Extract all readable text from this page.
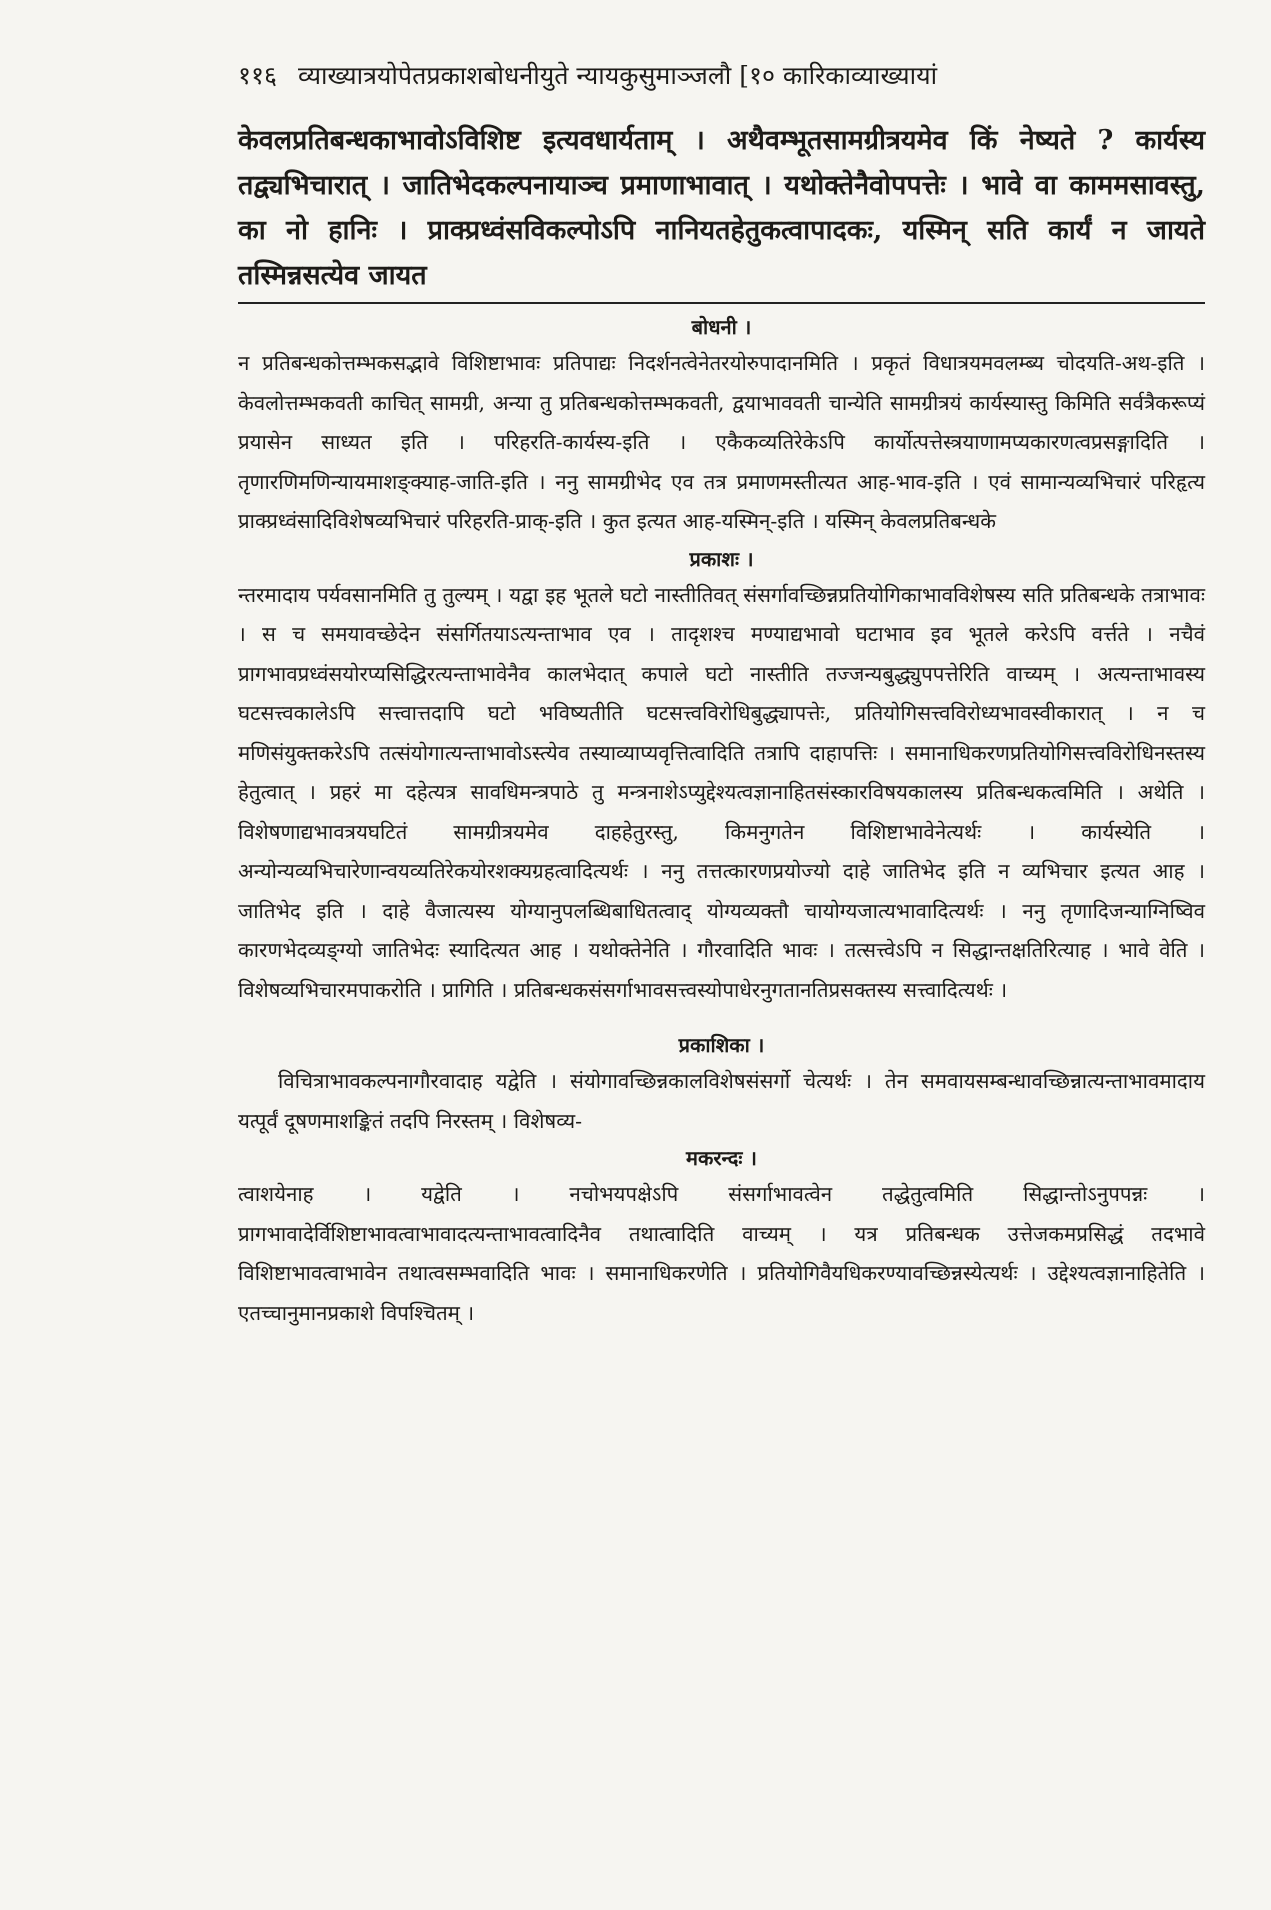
११६ व्याख्यात्रयोपेतप्रकाशबोधनीयुते न्यायकुसुमाञ्जलौ [१० कारिकाव्याख्यायां
केवलप्रतिबन्धकाभावोऽविशिष्ट इत्यवधार्यताम् । अथैवम्भूतसामग्रीत्रयमेव किं नेष्यते ? कार्यस्य तद्व्यभिचारात् । जातिभेदकल्पनायाञ्च प्रमाणाभावात् । यथोक्तेनैवोपपत्तेः । भावे वा काममसावस्तु, का नो हानिः । प्राक्प्रध्वंसविकल्पोऽपि नानियतहेतुकत्वापादकः, यस्मिन् सति कार्यं न जायते तस्मिन्नसत्येव जायत
बोधनी ।

न प्रतिबन्धकोत्तम्भकसद्भावे विशिष्टाभावः प्रतिपाद्यः निदर्शनत्वेनेतरयोरुपादानमिति । प्रकृतं विधात्रयमवलम्ब्य चोदयति-अथ-इति । केवलोत्तम्भकवती काचित् सामग्री, अन्या तु प्रतिबन्धकोत्तम्भकवती, द्वयाभाववती चान्येति सामग्रीत्रयं कार्यस्यास्तु किमिति सर्वत्रैकरूप्यं प्रयासेन साध्यत इति । परिहरति-कार्यस्य-इति । एकैकव्यतिरेकेऽपि कार्योत्पत्तेस्त्रयाणामप्यकारणत्वप्रसङ्गादिति । तृणारणिमणिन्यायमाशङ्क्याह-जाति-इति । ननु सामग्रीभेद एव तत्र प्रमाणमस्तीत्यत आह-भाव-इति । एवं सामान्यव्यभिचारं परिहृत्य प्राक्प्रध्वंसादिविशेषव्यभिचारं परिहरति-प्राक्-इति । कुत इत्यत आह-यस्मिन्-इति । यस्मिन् केवलप्रतिबन्धके

प्रकाशः ।

न्तरमादाय पर्यवसानमिति तु तुल्यम् । यद्वा इह भूतले घटो नास्तीतिवत् संसर्गावच्छिन्नप्रतियोगिकाभावविशेषस्य सति प्रतिबन्धके तत्राभावः । स च समयावच्छेदेन संसर्गितयाऽत्यन्ताभाव एव । तादृशश्च मण्याद्यभावो घटाभाव इव भूतले करेऽपि वर्त्तते । नचैवं प्रागभावप्रध्वंसयोरप्यसिद्धिरत्यन्ताभावेनैव कालभेदात् कपाले घटो नास्तीति तज्जन्यबुद्ध्युपपत्तेरिति वाच्यम् । अत्यन्ताभावस्य घटसत्त्वकालेऽपि सत्त्वात्तदापि घटो भविष्यतीति घटसत्त्वविरोधिबुद्ध्यापत्तेः, प्रतियोगिसत्त्वविरोध्यभावस्वीकारात् । न च मणिसंयुक्तकरेऽपि तत्संयोगात्यन्ताभावोऽस्त्येव तस्याव्याप्यवृत्तित्वादिति तत्रापि दाहापत्तिः । समानाधिकरणप्रतियोगिसत्त्वविरोधिनस्तस्य हेतुत्वात् । प्रहरं मा दहेत्यत्र सावधिमन्त्रपाठे तु मन्त्रनाशेऽप्युद्देश्यत्वज्ञानाहितसंस्कारविषयकालस्य प्रतिबन्धकत्वमिति । अथेति । विशेषणाद्यभावत्रयघटितं सामग्रीत्रयमेव दाहहेतुरस्तु, किमनुगतेन विशिष्टाभावेनेत्यर्थः । कार्यस्येति । अन्योन्यव्यभिचारेणान्वयव्यतिरेकयोरशक्यग्रहत्वादित्यर्थः । ननु तत्तत्कारणप्रयोज्यो दाहे जातिभेद इति न व्यभिचार इत्यत आह । जातिभेद इति । दाहे वैजात्यस्य योग्यानुपलब्धिबाधितत्वाद् योग्यव्यक्तौ चायोग्यजात्यभावादित्यर्थः । ननु तृणादिजन्याग्निष्विव कारणभेदव्यङ्ग्यो जातिभेदः स्यादित्यत आह । यथोक्तेनेति । गौरवादिति भावः । तत्सत्त्वेऽपि न सिद्धान्तक्षतिरित्याह । भावे वेति । विशेषव्यभिचारमपाकरोति । प्रागिति । प्रतिबन्धकसंसर्गाभावसत्त्वस्योपाधेरनुगतानतिप्रसक्तस्य सत्त्वादित्यर्थः ।

प्रकाशिका ।

विचित्राभावकल्पनागौरवादाह यद्वेति । संयोगावच्छिन्नकालविशेषसंसर्गो चेत्यर्थः । तेन समवायसम्बन्धावच्छिन्नात्यन्ताभावमादाय यत्पूर्वं दूषणमाशङ्कितं तदपि निरस्तम् । विशेषव्य-

मकरन्दः ।

त्वाशयेनाह । यद्वेति । नचोभयपक्षेऽपि संसर्गाभावत्वेन तद्धेतुत्वमिति सिद्धान्तोऽनुपपन्नः । प्रागभावादेर्विशिष्टाभावत्वाभावादत्यन्ताभावत्वादिनैव तथात्वादिति वाच्यम् । यत्र प्रतिबन्धक उत्तेजकमप्रसिद्धं तदभावे विशिष्टाभावत्वाभावेन तथात्वसम्भवादिति भावः । समानाधिकरणेति । प्रतियोगिवैयधिकरण्यावच्छिन्नस्येत्यर्थः । उद्देश्यत्वज्ञानाहितेति । एतच्चानुमानप्रकाशे विपश्चितम् ।
